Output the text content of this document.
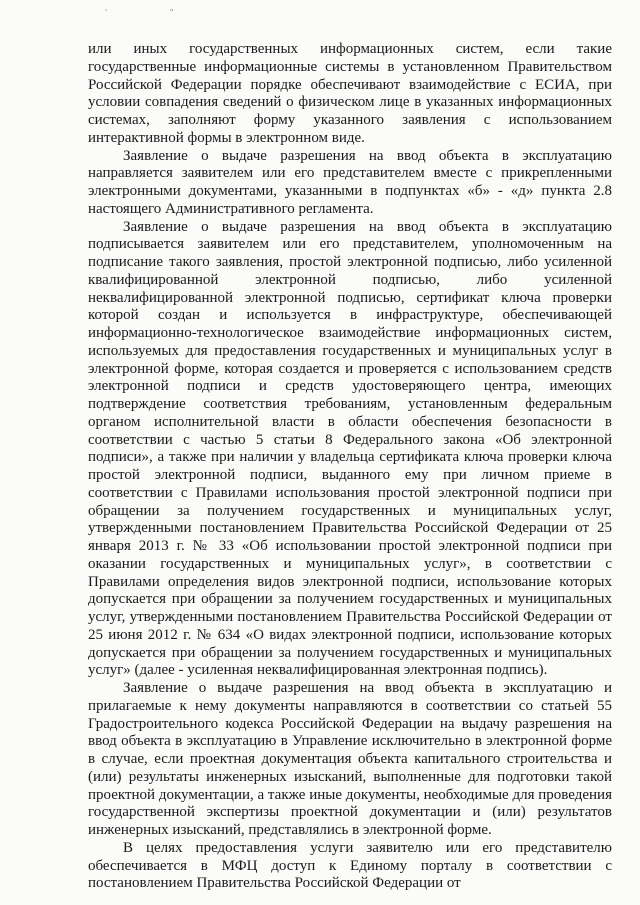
' "

или иных государственных информационных систем, если такие государственные информационные системы в установленном Правительством Российской Федерации порядке обеспечивают взаимодействие с ЕСИА, при условии совпадения сведений о физическом лице в указанных информационных системах, заполняют форму указанного заявления с использованием интерактивной формы в электронном виде.

Заявление о выдаче разрешения на ввод объекта в эксплуатацию направляется заявителем или его представителем вместе с прикрепленными электронными документами, указанными в подпунктах «б» - «д» пункта 2.8 настоящего Административного регламента.

Заявление о выдаче разрешения на ввод объекта в эксплуатацию подписывается заявителем или его представителем, уполномоченным на подписание такого заявления, простой электронной подписью, либо усиленной квалифицированной электронной подписью, либо усиленной неквалифицированной электронной подписью, сертификат ключа проверки которой создан и используется в инфраструктуре, обеспечивающей информационно-технологическое взаимодействие информационных систем, используемых для предоставления государственных и муниципальных услуг в электронной форме, которая создается и проверяется с использованием средств электронной подписи и средств удостоверяющего центра, имеющих подтверждение соответствия требованиям, установленным федеральным органом исполнительной власти в области обеспечения безопасности в соответствии с частью 5 статьи 8 Федерального закона «Об электронной подписи», а также при наличии у владельца сертификата ключа проверки ключа простой электронной подписи, выданного ему при личном приеме в соответствии с Правилами использования простой электронной подписи при обращении за получением государственных и муниципальных услуг, утвержденными постановлением Правительства Российской Федерации от 25 января 2013 г. № 33 «Об использовании простой электронной подписи при оказании государственных и муниципальных услуг», в соответствии с Правилами определения видов электронной подписи, использование которых допускается при обращении за получением государственных и муниципальных услуг, утвержденными постановлением Правительства Российской Федерации от 25 июня 2012 г. № 634 «О видах электронной подписи, использование которых допускается при обращении за получением государственных и муниципальных услуг» (далее - усиленная неквалифицированная электронная подпись).

Заявление о выдаче разрешения на ввод объекта в эксплуатацию и прилагаемые к нему документы направляются в соответствии со статьей 55 Градостроительного кодекса Российской Федерации на выдачу разрешения на ввод объекта в эксплуатацию в Управление исключительно в электронной форме в случае, если проектная документация объекта капитального строительства и (или) результаты инженерных изысканий, выполненные для подготовки такой проектной документации, а также иные документы, необходимые для проведения государственной экспертизы проектной документации и (или) результатов инженерных изысканий, представлялись в электронной форме.

В целях предоставления услуги заявителю или его представителю обеспечивается в МФЦ доступ к Единому порталу в соответствии с постановлением Правительства Российской Федерации от
